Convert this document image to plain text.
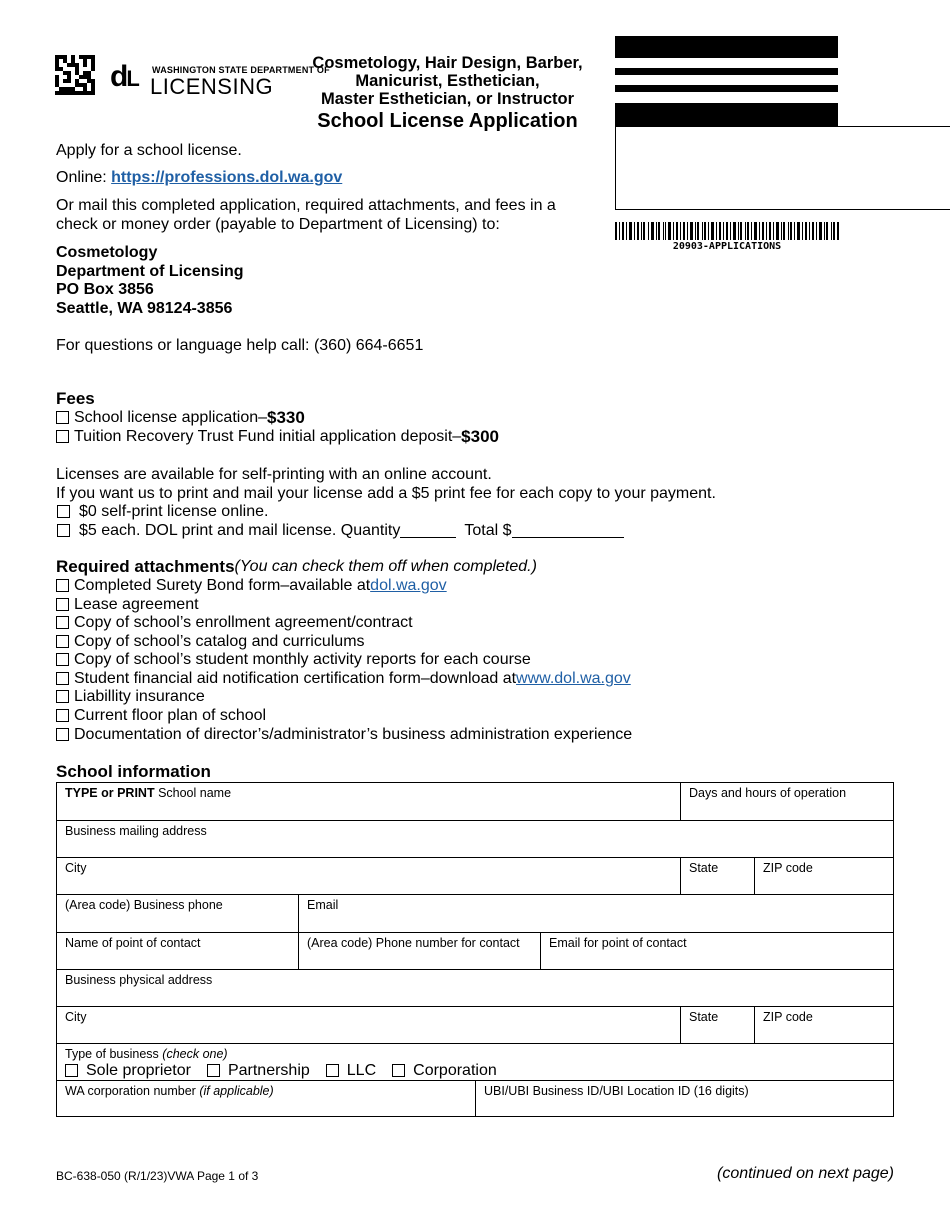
dL WASHINGTON STATE DEPARTMENT OF
LICENSING
Cosmetology, Hair Design, Barber,
Manicurist, Esthetician,
Master Esthetician, or Instructor
School License Application
20903-APPLICATIONS
Apply for a school license.
Online: https://professions.dol.wa.gov
Or mail this completed application, required attachments, and fees in a
check or money order (payable to Department of Licensing) to:
Cosmetology
Department of Licensing
PO Box 3856
Seattle, WA 98124-3856
For questions or language help call: (360) 664-6651
Fees
School license application– $330
Tuition Recovery Trust Fund initial application deposit– $300
Licenses are available for self-printing with an online account.
If you want us to print and mail your license add a $5 print fee for each copy to your payment.
$0 self-print license online.
$5 each. DOL print and mail license. Quantity	Total $
Required attachments (You can check them off when completed.)
Completed Surety Bond form–available at dol.wa.gov
Lease agreement
Copy of school’s enrollment agreement/contract
Copy of school’s catalog and curriculums
Copy of school’s student monthly activity reports for each course
Student financial aid notification certification form–download at www.dol.wa.gov
Liabillity insurance
Current floor plan of school
Documentation of director’s/administrator’s business administration experience
School information
TYPE or PRINT School name	Days and hours of operation
Business mailing address
City	State	ZIP code
(Area code) Business phone	Email
Name of point of contact	(Area code) Phone number for contact	Email for point of contact
Business physical address
City	State	ZIP code
Type of business (check one)
Sole proprietor Partnership LLC Corporation
WA corporation number (if applicable)	UBI/UBI Business ID/UBI Location ID (16 digits)
BC-638-050 (R/1/23)VWA Page 1 of 3	(continued on next page)
